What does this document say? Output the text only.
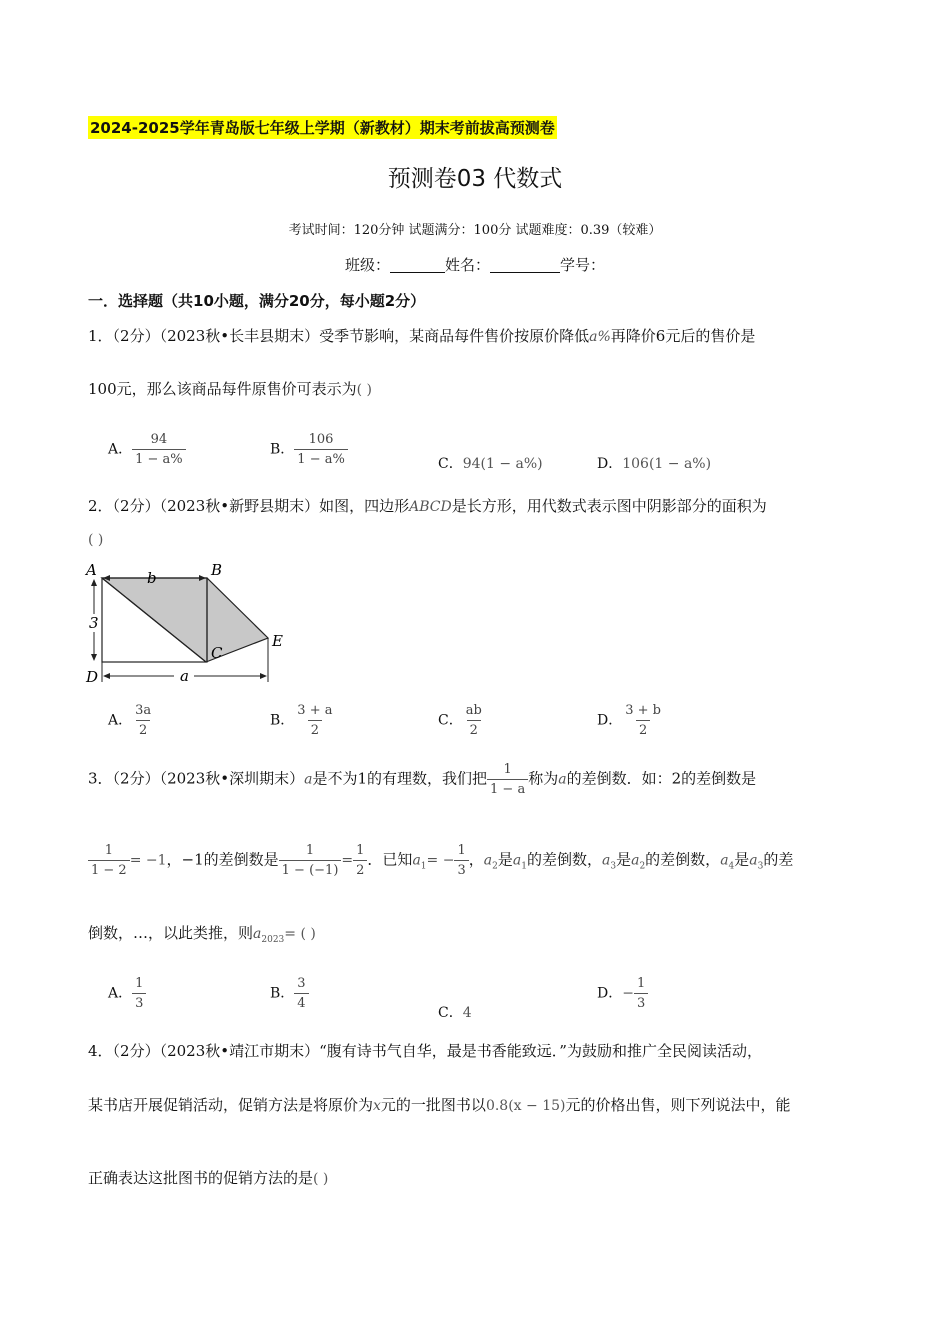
2024-2025学年青岛版七年级上学期（新教材）期末考前拔高预测卷
预测卷03 代数式
考试时间：120分钟 试题满分：100分 试题难度：0.39（较难）
班级：	姓名：	学号：
一．选择题（共10小题，满分20分，每小题2分）
1．（2分）（2023秋•长丰县期末）受季节影响，某商品每件售价按原价降低a%再降价6元后的售价是
100元，那么该商品每件原售价可表示为( )
A． $\frac{94}{1 - a\%}$	B． $\frac{106}{1 - a\%}$	C．94(1 − a%)	D．106(1 − a%)
2．（2分）（2023秋•新野县期末）如图，四边形ABCD是长方形，用代数式表示图中阴影部分的面积为
( )
A	B
C
D
E
b
3
a
A． $\frac{3a}{2}$	B． $\frac{3 + a}{2}$	C． $\frac{ab}{2}$	D． $\frac{3 + b}{2}$
3．（2分）（2023秋•深圳期末）a是不为1的有理数，我们把 $\frac{1}{1 - a}$ 称为a的差倒数．如：2的差倒数是
$\frac{1}{1 - 2} = -1$，−1的差倒数是 $\frac{1}{1 - (-1)} = \frac{1}{2}$ ．已知$a_1= - \frac{1}{3}$ ，$a_2$是$a_1$的差倒数，$a_3$是$a_2$的差倒数，$a_4$是$a_3$的差
倒数，…，以此类推，则$a_{2023}=$ ( )
A． $\frac{1}{3}$	B． $\frac{3}{4}$
C．4
D．− $\frac{1}{3}$
4．（2分）（2023秋•靖江市期末）“腹有诗书气自华，最是书香能致远．”为鼓励和推广全民阅读活动，
某书店开展促销活动，促销方法是将原价为x元的一批图书以0.8(x − 15)元的价格出售，则下列说法中，能
正确表达这批图书的促销方法的是( )
